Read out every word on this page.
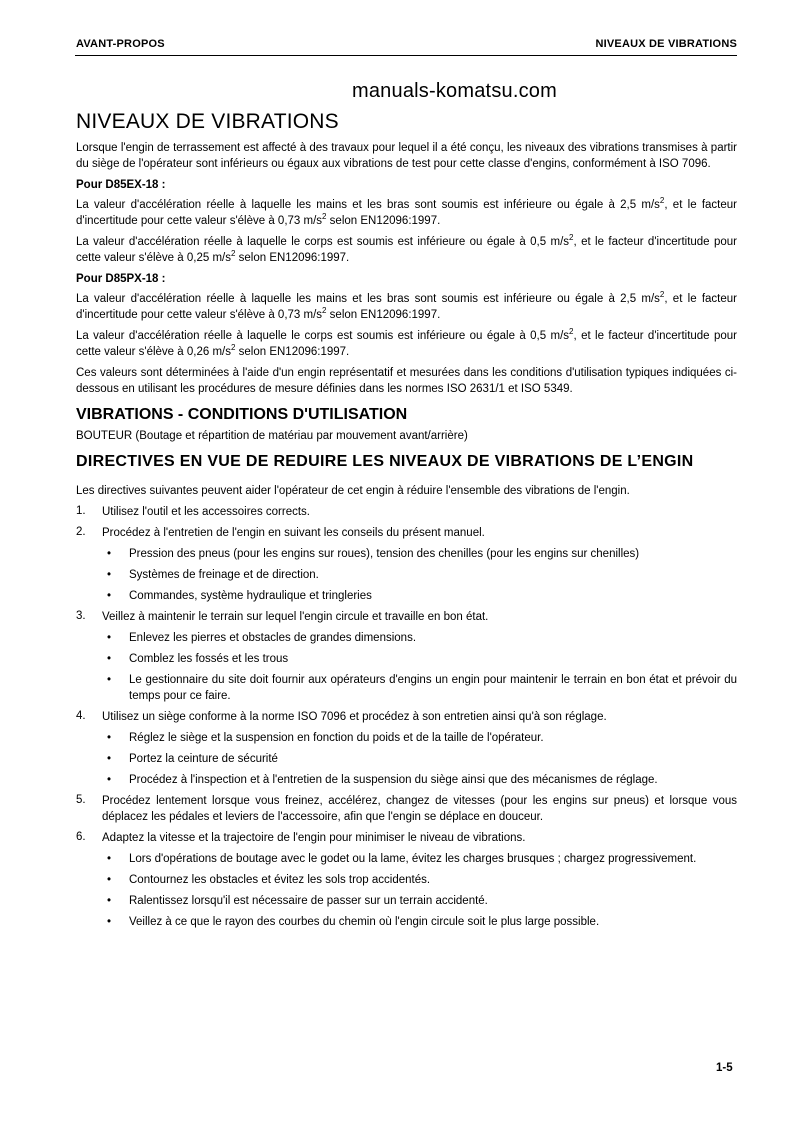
AVANT-PROPOS	NIVEAUX DE VIBRATIONS
manuals-komatsu.com
NIVEAUX DE VIBRATIONS

Lorsque l'engin de terrassement est affecté à des travaux pour lequel il a été conçu, les niveaux des vibrations transmises à partir du siège de l'opérateur sont inférieurs ou égaux aux vibrations de test pour cette classe d'engins, conformément à ISO 7096.

Pour D85EX-18 :

La valeur d'accélération réelle à laquelle les mains et les bras sont soumis est inférieure ou égale à 2,5 $m/s^2$, et le facteur d'incertitude pour cette valeur s'élève à 0,73 $m/s^2$ selon EN12096:1997.

La valeur d'accélération réelle à laquelle le corps est soumis est inférieure ou égale à 0,5 $m/s^2$, et le facteur d'incertitude pour cette valeur s'élève à 0,25 $m/s^2$ selon EN12096:1997.

Pour D85PX-18 :

La valeur d'accélération réelle à laquelle les mains et les bras sont soumis est inférieure ou égale à 2,5 $m/s^2$, et le facteur d'incertitude pour cette valeur s'élève à 0,73 $m/s^2$ selon EN12096:1997.

La valeur d'accélération réelle à laquelle le corps est soumis est inférieure ou égale à 0,5 $m/s^2$, et le facteur d'incertitude pour cette valeur s'élève à 0,26 $m/s^2$ selon EN12096:1997.

Ces valeurs sont déterminées à l'aide d'un engin représentatif et mesurées dans les conditions d'utilisation typiques indiquées ci-dessous en utilisant les procédures de mesure définies dans les normes ISO 2631/1 et ISO 5349.

VIBRATIONS - CONDITIONS D'UTILISATION

BOUTEUR (Boutage et répartition de matériau par mouvement avant/arrière)

DIRECTIVES EN VUE DE REDUIRE LES NIVEAUX DE VIBRATIONS DE L’ENGIN

Les directives suivantes peuvent aider l'opérateur de cet engin à réduire l'ensemble des vibrations de l'engin.

1. Utilisez l'outil et les accessoires corrects.
2. Procédez à l'entretien de l'engin en suivant les conseils du présent manuel.
• Pression des pneus (pour les engins sur roues), tension des chenilles (pour les engins sur chenilles)
• Systèmes de freinage et de direction.
• Commandes, système hydraulique et tringleries
3. Veillez à maintenir le terrain sur lequel l'engin circule et travaille en bon état.
• Enlevez les pierres et obstacles de grandes dimensions.
• Comblez les fossés et les trous
• Le gestionnaire du site doit fournir aux opérateurs d'engins un engin pour maintenir le terrain en bon état et prévoir du temps pour ce faire.
4. Utilisez un siège conforme à la norme ISO 7096 et procédez à son entretien ainsi qu'à son réglage.
• Réglez le siège et la suspension en fonction du poids et de la taille de l'opérateur.
• Portez la ceinture de sécurité
• Procédez à l'inspection et à l'entretien de la suspension du siège ainsi que des mécanismes de réglage.
5. Procédez lentement lorsque vous freinez, accélérez, changez de vitesses (pour les engins sur pneus) et lorsque vous déplacez les pédales et leviers de l'accessoire, afin que l'engin se déplace en douceur.
6. Adaptez la vitesse et la trajectoire de l'engin pour minimiser le niveau de vibrations.
• Lors d'opérations de boutage avec le godet ou la lame, évitez les charges brusques ; chargez progressivement.
• Contournez les obstacles et évitez les sols trop accidentés.
• Ralentissez lorsqu'il est nécessaire de passer sur un terrain accidenté.
• Veillez à ce que le rayon des courbes du chemin où l'engin circule soit le plus large possible.
1-5
